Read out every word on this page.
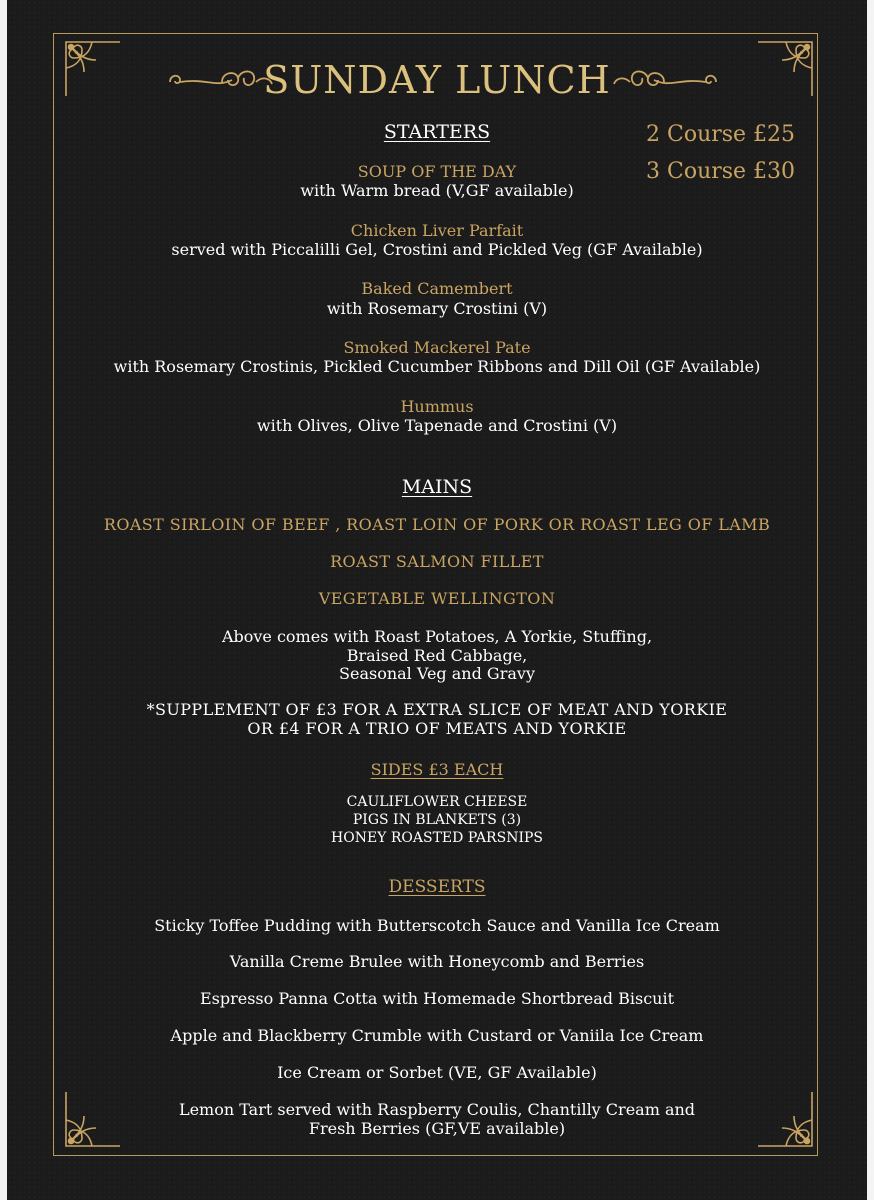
SUNDAY LUNCH
2 Course £25
3 Course £30
STARTERS
SOUP OF THE DAY
with Warm bread (V,GF available)
Chicken Liver Parfait
served with Piccalilli Gel, Crostini and Pickled Veg (GF Available)
Baked Camembert
with Rosemary Crostini (V)
Smoked Mackerel Pate
with Rosemary Crostinis, Pickled Cucumber Ribbons and Dill Oil (GF Available)
Hummus
with Olives, Olive Tapenade and Crostini (V)
MAINS
ROAST SIRLOIN OF BEEF , ROAST LOIN OF PORK OR ROAST LEG OF LAMB
ROAST SALMON FILLET
VEGETABLE WELLINGTON
Above comes with Roast Potatoes, A Yorkie, Stuffing,
Braised Red Cabbage,
Seasonal Veg and Gravy
*SUPPLEMENT OF £3 FOR A EXTRA SLICE OF MEAT AND YORKIE
OR £4 FOR A TRIO OF MEATS AND YORKIE
SIDES £3 EACH
CAULIFLOWER CHEESE
PIGS IN BLANKETS (3)
HONEY ROASTED PARSNIPS
DESSERTS
Sticky Toffee Pudding with Butterscotch Sauce and Vanilla Ice Cream
Vanilla Creme Brulee with Honeycomb and Berries
Espresso Panna Cotta with Homemade Shortbread Biscuit
Apple and Blackberry Crumble with Custard or Vaniila Ice Cream
Ice Cream or Sorbet (VE, GF Available)
Lemon Tart served with Raspberry Coulis, Chantilly Cream and
Fresh Berries (GF,VE available)
